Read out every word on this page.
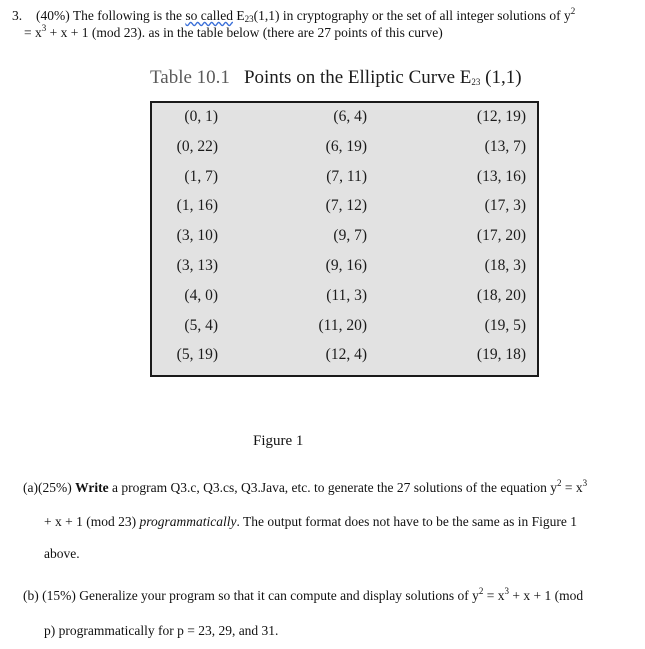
3. (40%) The following is the so called $E_{23}(1,1)$ in cryptography or the set of all integer solutions of $y^2$
= $x^3 + x + 1$ (mod 23). as in the table below (there are 27 points of this curve)
Table 10.1 Points on the Elliptic Curve $E_{23}$ (1,1)
(0, 1)	(6, 4)	(12, 19)
(0, 22)	(6, 19)	(13, 7)
(1, 7)	(7, 11)	(13, 16)
(1, 16)	(7, 12)	(17, 3)
(3, 10)	(9, 7)	(17, 20)
(3, 13)	(9, 16)	(18, 3)
(4, 0)	(11, 3)	(18, 20)
(5, 4)	(11, 20)	(19, 5)
(5, 19)	(12, 4)	(19, 18)
Figure 1
(a)(25%) Write a program Q3.c, Q3.cs, Q3.Java, etc. to generate the 27 solutions of the equation $y^2 = x^3$
+ x + 1 (mod 23) programmatically. The output format does not have to be the same as in Figure 1
above.
(b) (15%) Generalize your program so that it can compute and display solutions of $y^2 = x^3 + x + 1$ (mod
p) programmatically for p = 23, 29, and 31.
